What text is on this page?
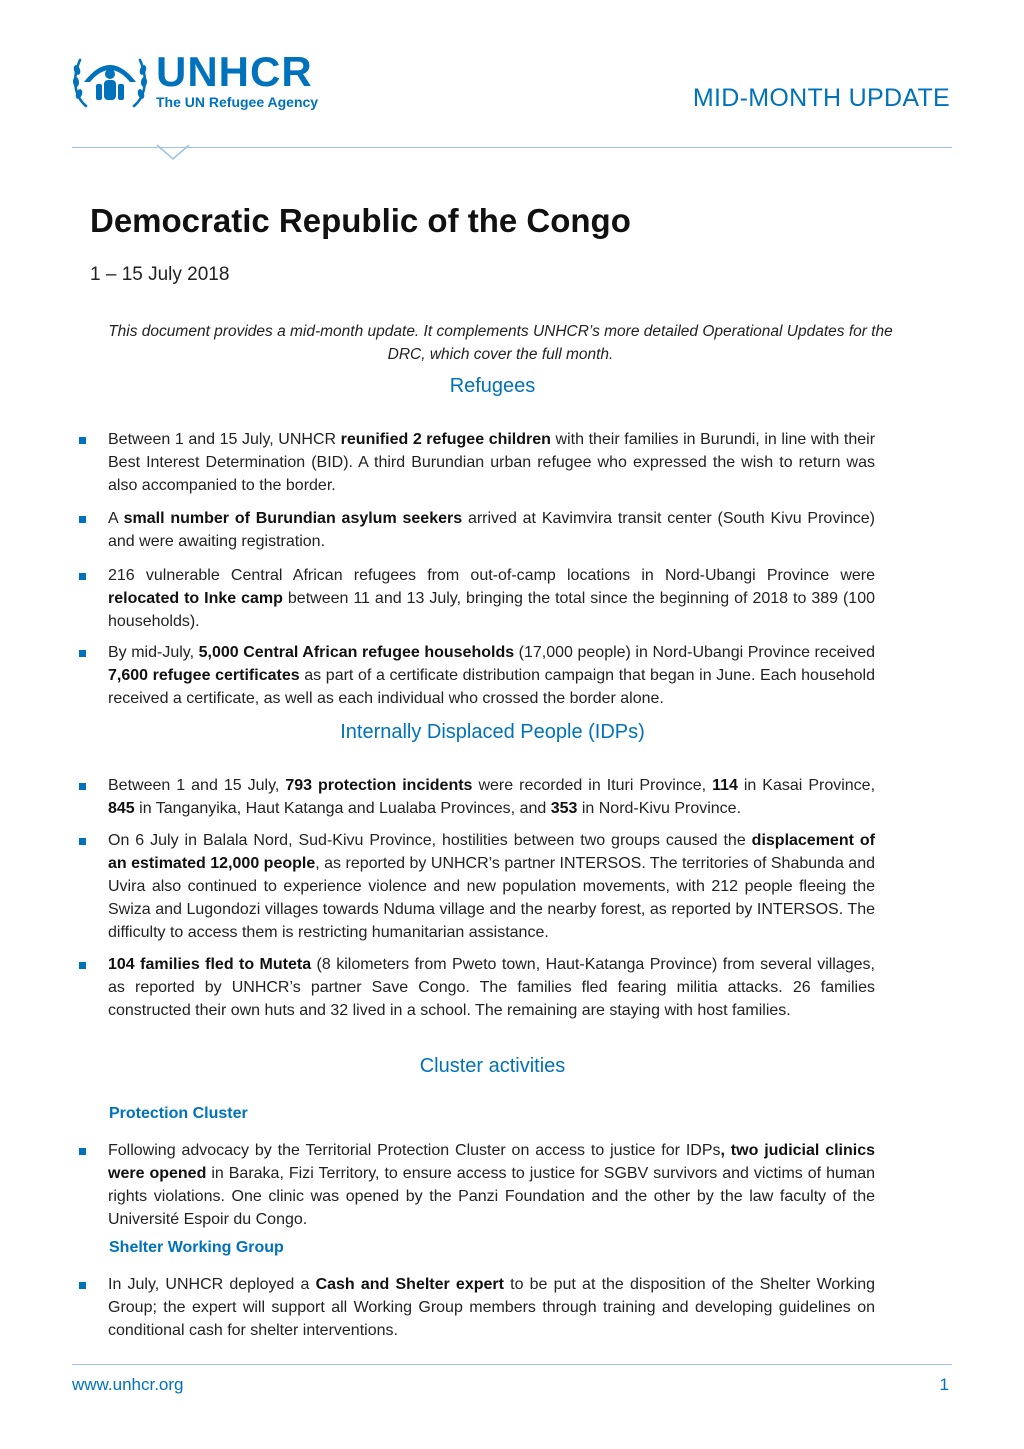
UNHCR
The UN Refugee Agency	MID-MONTH UPDATE
Democratic Republic of the Congo
1 – 15 July 2018
This document provides a mid-month update. It complements UNHCR’s more detailed Operational Updates for the DRC, which cover the full month.
Refugees
Between 1 and 15 July, UNHCR reunified 2 refugee children with their families in Burundi, in line with their Best Interest Determination (BID). A third Burundian urban refugee who expressed the wish to return was also accompanied to the border.
A small number of Burundian asylum seekers arrived at Kavimvira transit center (South Kivu Province) and were awaiting registration.
216 vulnerable Central African refugees from out-of-camp locations in Nord-Ubangi Province were relocated to Inke camp between 11 and 13 July, bringing the total since the beginning of 2018 to 389 (100 households).
By mid-July, 5,000 Central African refugee households (17,000 people) in Nord-Ubangi Province received 7,600 refugee certificates as part of a certificate distribution campaign that began in June. Each household received a certificate, as well as each individual who crossed the border alone.
Internally Displaced People (IDPs)
Between 1 and 15 July, 793 protection incidents were recorded in Ituri Province, 114 in Kasai Province, 845 in Tanganyika, Haut Katanga and Lualaba Provinces, and 353 in Nord-Kivu Province.
On 6 July in Balala Nord, Sud-Kivu Province, hostilities between two groups caused the displacement of an estimated 12,000 people, as reported by UNHCR’s partner INTERSOS. The territories of Shabunda and Uvira also continued to experience violence and new population movements, with 212 people fleeing the Swiza and Lugondozi villages towards Nduma village and the nearby forest, as reported by INTERSOS. The difficulty to access them is restricting humanitarian assistance.
104 families fled to Muteta (8 kilometers from Pweto town, Haut-Katanga Province) from several villages, as reported by UNHCR’s partner Save Congo. The families fled fearing militia attacks. 26 families constructed their own huts and 32 lived in a school. The remaining are staying with host families.
Cluster activities
Protection Cluster
Following advocacy by the Territorial Protection Cluster on access to justice for IDPs, two judicial clinics were opened in Baraka, Fizi Territory, to ensure access to justice for SGBV survivors and victims of human rights violations. One clinic was opened by the Panzi Foundation and the other by the law faculty of the Université Espoir du Congo.
Shelter Working Group
In July, UNHCR deployed a Cash and Shelter expert to be put at the disposition of the Shelter Working Group; the expert will support all Working Group members through training and developing guidelines on conditional cash for shelter interventions.
www.unhcr.org	1
